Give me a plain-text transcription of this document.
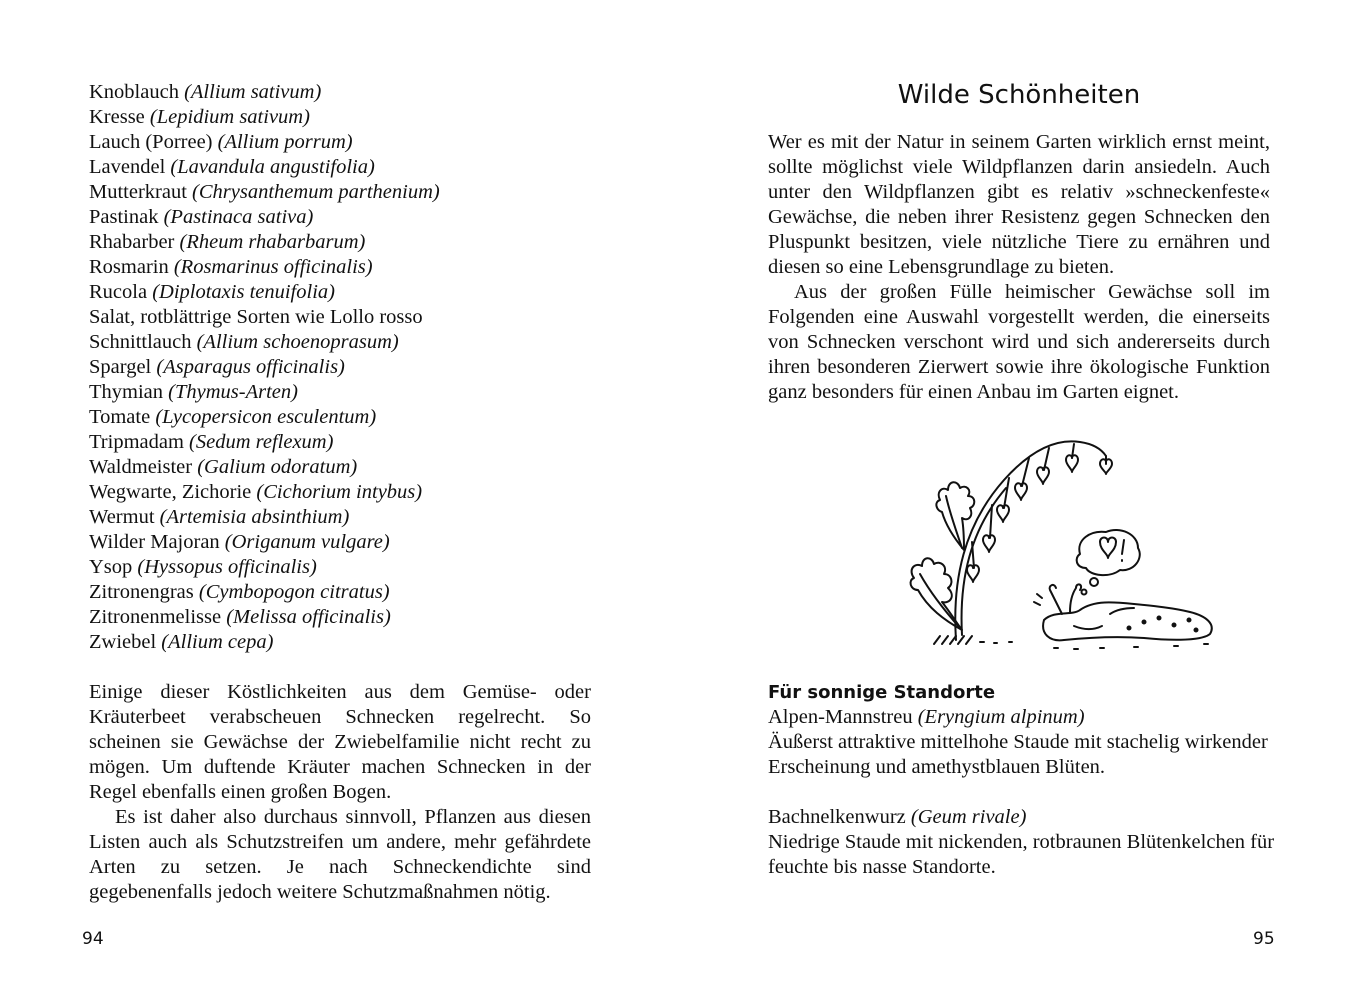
Knoblauch (Allium sativum)
Kresse (Lepidium sativum)
Lauch (Porree) (Allium porrum)
Lavendel (Lavandula angustifolia)
Mutterkraut (Chrysanthemum parthenium)
Pastinak (Pastinaca sativa)
Rhabarber (Rheum rhabarbarum)
Rosmarin (Rosmarinus officinalis)
Rucola (Diplotaxis tenuifolia)
Salat, rotblättrige Sorten wie Lollo rosso
Schnittlauch (Allium schoenoprasum)
Spargel (Asparagus officinalis)
Thymian (Thymus-Arten)
Tomate (Lycopersicon esculentum)
Tripmadam (Sedum reflexum)
Waldmeister (Galium odoratum)
Wegwarte, Zichorie (Cichorium intybus)
Wermut (Artemisia absinthium)
Wilder Majoran (Origanum vulgare)
Ysop (Hyssopus officinalis)
Zitronengras (Cymbopogon citratus)
Zitronenmelisse (Melissa officinalis)
Zwiebel (Allium cepa)

Einige dieser Köstlichkeiten aus dem Gemüse- oder Kräuterbeet verabscheuen Schnecken regelrecht. So scheinen sie Gewächse der Zwiebelfamilie nicht recht zu mögen. Um duftende Kräuter machen Schnecken in der Regel ebenfalls einen großen Bogen.

Es ist daher also durchaus sinnvoll, Pflanzen aus diesen Listen auch als Schutzstreifen um andere, mehr gefährdete Arten zu setzen. Je nach Schneckendichte sind gegebenenfalls jedoch weitere Schutzmaßnahmen nötig.

94
Wilde Schönheiten

Wer es mit der Natur in seinem Garten wirklich ernst meint, sollte möglichst viele Wildpflanzen darin ansiedeln. Auch unter den Wildpflanzen gibt es relativ »schneckenfeste« Gewächse, die neben ihrer Resistenz gegen Schnecken den Pluspunkt besitzen, viele nützliche Tiere zu ernähren und diesen so eine Lebensgrundlage zu bieten.

Aus der großen Fülle heimischer Gewächse soll im Folgenden eine Auswahl vorgestellt werden, die einerseits von Schnecken verschont wird und sich andererseits durch ihren besonderen Zierwert sowie ihre ökologische Funktion ganz besonders für einen Anbau im Garten eignet.

Für sonnige Standorte

Alpen-Mannstreu (Eryngium alpinum)

Äußerst attraktive mittelhohe Staude mit stachelig wirkender Erscheinung und amethystblauen Blüten.

Bachnelkenwurz (Geum rivale)

Niedrige Staude mit nickenden, rotbraunen Blütenkelchen für feuchte bis nasse Standorte.

95
